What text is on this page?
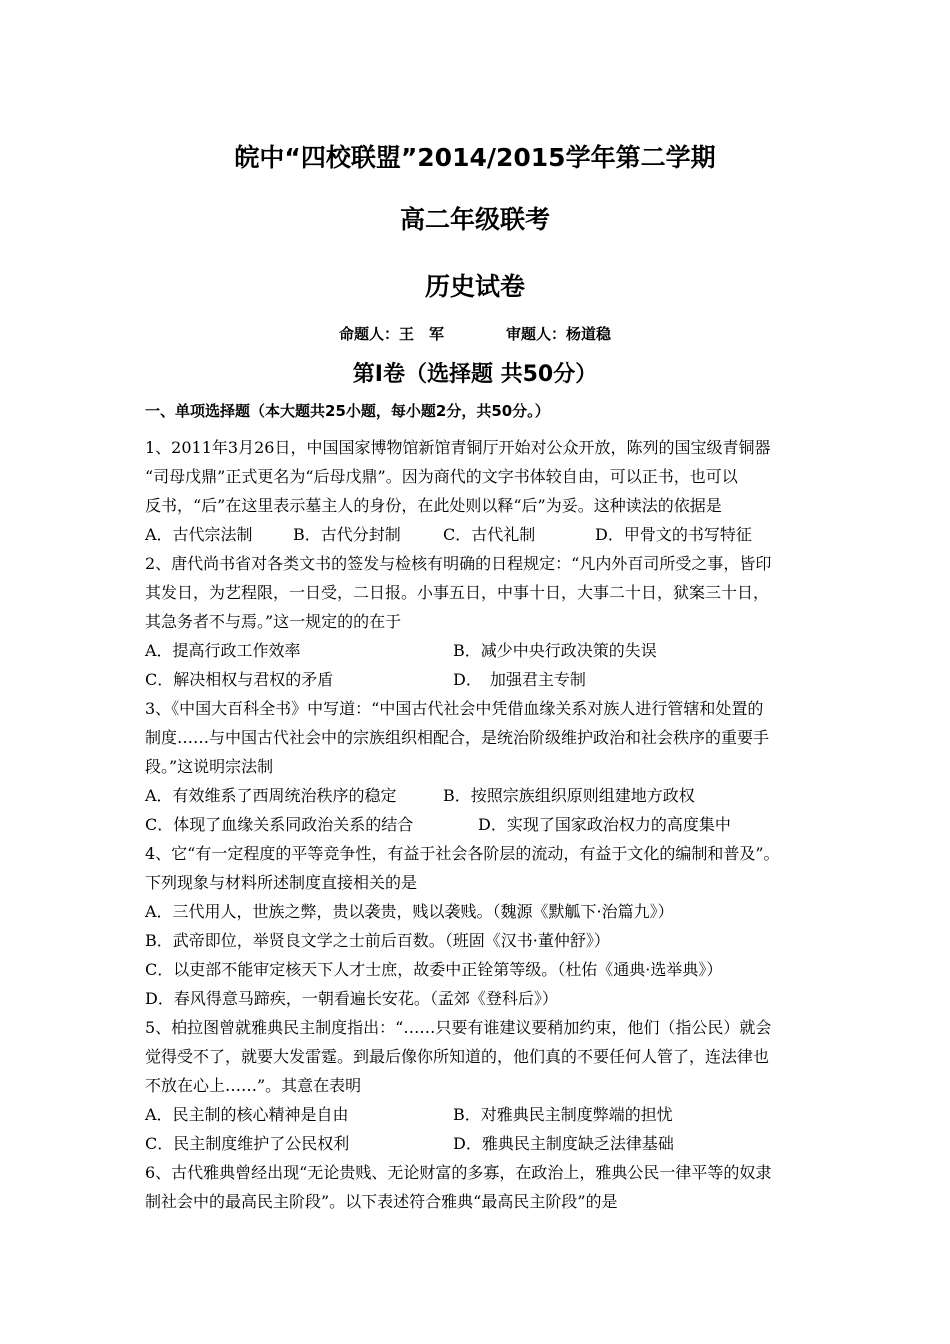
皖中“四校联盟”2014/2015学年第二学期
高二年级联考
历史试卷
命题人：王　军	审题人：杨道稳
第Ⅰ卷（选择题 共50分）
一、单项选择题（本大题共25小题，每小题2分，共50分。）
1、2011年3月26日，中国国家博物馆新馆青铜厅开始对公众开放，陈列的国宝级青铜器
“司母戊鼎”正式更名为“后母戊鼎”。因为商代的文字书体较自由，可以正书，也可以
反书，“后”在这里表示墓主人的身份，在此处则以释“后”为妥。这种读法的依据是
A．古代宗法制	B．古代分封制	C．古代礼制	D．甲骨文的书写特征
2、唐代尚书省对各类文书的签发与检核有明确的日程规定：“凡内外百司所受之事，皆印
其发日，为艺程限，一日受，二日报。小事五日，中事十日，大事二十日，狱案三十日，
其急务者不与焉。”这一规定的的在于
A．提高行政工作效率	B．减少中央行政决策的失误
C．解决相权与君权的矛盾	D．　加强君主专制
3、《中国大百科全书》中写道：“中国古代社会中凭借血缘关系对族人进行管辖和处置的
制度……与中国古代社会中的宗族组织相配合，是统治阶级维护政治和社会秩序的重要手
段。”这说明宗法制
A．有效维系了西周统治秩序的稳定	B．按照宗族组织原则组建地方政权
C．体现了血缘关系同政治关系的结合	D．实现了国家政治权力的高度集中
4、它“有一定程度的平等竞争性，有益于社会各阶层的流动，有益于文化的编制和普及”。
下列现象与材料所述制度直接相关的是
A．三代用人，世族之弊，贵以袭贵，贱以袭贱。（魏源《默觚下·治篇九》）
B．武帝即位，举贤良文学之士前后百数。（班固《汉书·董仲舒》）
C．以吏部不能审定核天下人才士庶，故委中正铨第等级。（杜佑《通典·选举典》）
D．春风得意马蹄疾，一朝看遍长安花。（孟郊《登科后》）
5、柏拉图曾就雅典民主制度指出：“……只要有谁建议要稍加约束，他们（指公民）就会
觉得受不了，就要大发雷霆。到最后像你所知道的，他们真的不要任何人管了，连法律也
不放在心上……”。其意在表明
A．民主制的核心精神是自由	B．对雅典民主制度弊端的担忧
C．民主制度维护了公民权利	D．雅典民主制度缺乏法律基础
6、古代雅典曾经出现“无论贵贱、无论财富的多寡，在政治上，雅典公民一律平等的奴隶
制社会中的最高民主阶段”。以下表述符合雅典“最高民主阶段”的是
